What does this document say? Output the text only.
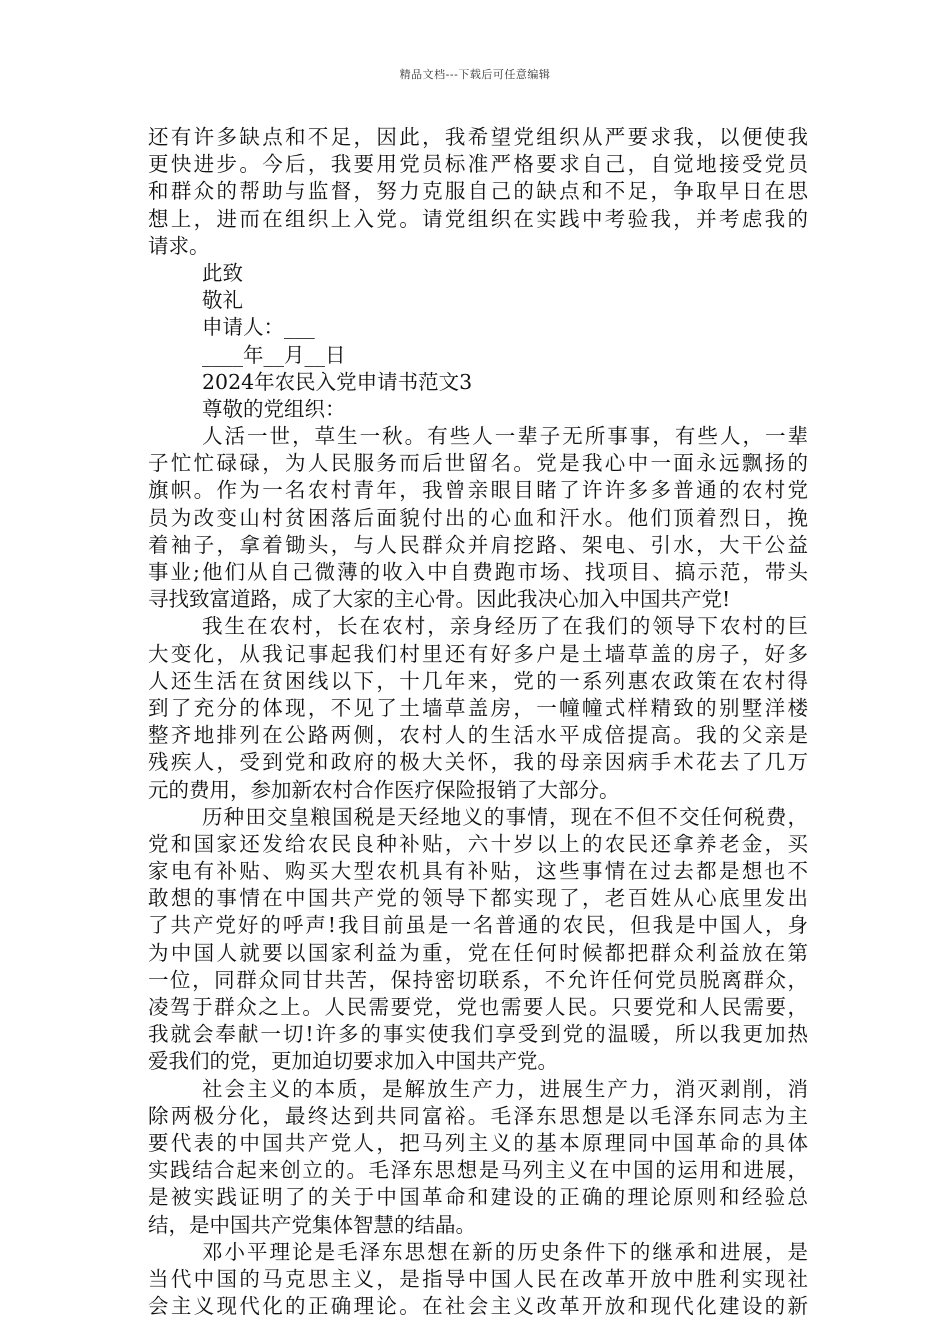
精品文档---下载后可任意编辑
还有许多缺点和不足，因此，我希望党组织从严要求我，以便使我
更快进步。今后，我要用党员标准严格要求自己，自觉地接受党员
和群众的帮助与监督，努力克服自己的缺点和不足，争取早日在思
想上，进而在组织上入党。请党组织在实践中考验我，并考虑我的
请求。
此致
敬礼
申请人：___
____年__月__日
2024年农民入党申请书范文3
尊敬的党组织：
人活一世，草生一秋。有些人一辈子无所事事，有些人，一辈
子忙忙碌碌，为人民服务而后世留名。党是我心中一面永远飘扬的
旗帜。作为一名农村青年，我曾亲眼目睹了许许多多普通的农村党
员为改变山村贫困落后面貌付出的心血和汗水。他们顶着烈日，挽
着袖子，拿着锄头，与人民群众并肩挖路、架电、引水，大干公益
事业;他们从自己微薄的收入中自费跑市场、找项目、搞示范，带头
寻找致富道路，成了大家的主心骨。因此我决心加入中国共产党!
我生在农村，长在农村，亲身经历了在我们的领导下农村的巨
大变化，从我记事起我们村里还有好多户是土墙草盖的房子，好多
人还生活在贫困线以下，十几年来，党的一系列惠农政策在农村得
到了充分的体现，不见了土墙草盖房，一幢幢式样精致的别墅洋楼
整齐地排列在公路两侧，农村人的生活水平成倍提高。我的父亲是
残疾人，受到党和政府的极大关怀，我的母亲因病手术花去了几万
元的费用，参加新农村合作医疗保险报销了大部分。
历种田交皇粮国税是天经地义的事情，现在不但不交任何税费，
党和国家还发给农民良种补贴，六十岁以上的农民还拿养老金，买
家电有补贴、购买大型农机具有补贴，这些事情在过去都是想也不
敢想的事情在中国共产党的领导下都实现了，老百姓从心底里发出
了共产党好的呼声!我目前虽是一名普通的农民，但我是中国人，身
为中国人就要以国家利益为重，党在任何时候都把群众利益放在第
一位，同群众同甘共苦，保持密切联系，不允许任何党员脱离群众，
凌驾于群众之上。人民需要党，党也需要人民。只要党和人民需要，
我就会奉献一切!许多的事实使我们享受到党的温暖，所以我更加热
爱我们的党，更加迫切要求加入中国共产党。
社会主义的本质，是解放生产力，进展生产力，消灭剥削，消
除两极分化，最终达到共同富裕。毛泽东思想是以毛泽东同志为主
要代表的中国共产党人，把马列主义的基本原理同中国革命的具体
实践结合起来创立的。毛泽东思想是马列主义在中国的运用和进展，
是被实践证明了的关于中国革命和建设的正确的理论原则和经验总
结，是中国共产党集体智慧的结晶。
邓小平理论是毛泽东思想在新的历史条件下的继承和进展，是
当代中国的马克思主义，是指导中国人民在改革开放中胜利实现社
会主义现代化的正确理论。在社会主义改革开放和现代化建设的新
